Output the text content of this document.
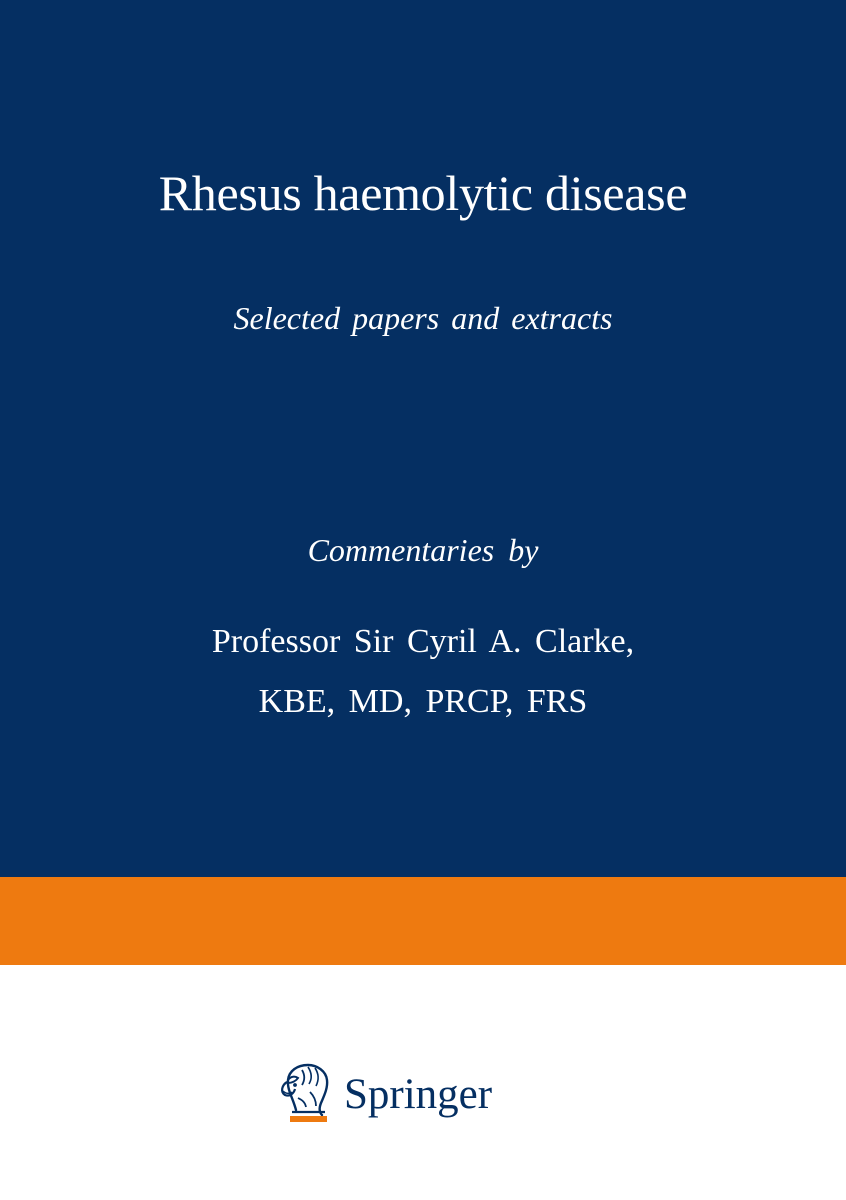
Rhesus haemolytic disease
Selected papers and extracts
Commentaries by
Professor Sir Cyril A. Clarke,
KBE, MD, PRCP, FRS
Springer
